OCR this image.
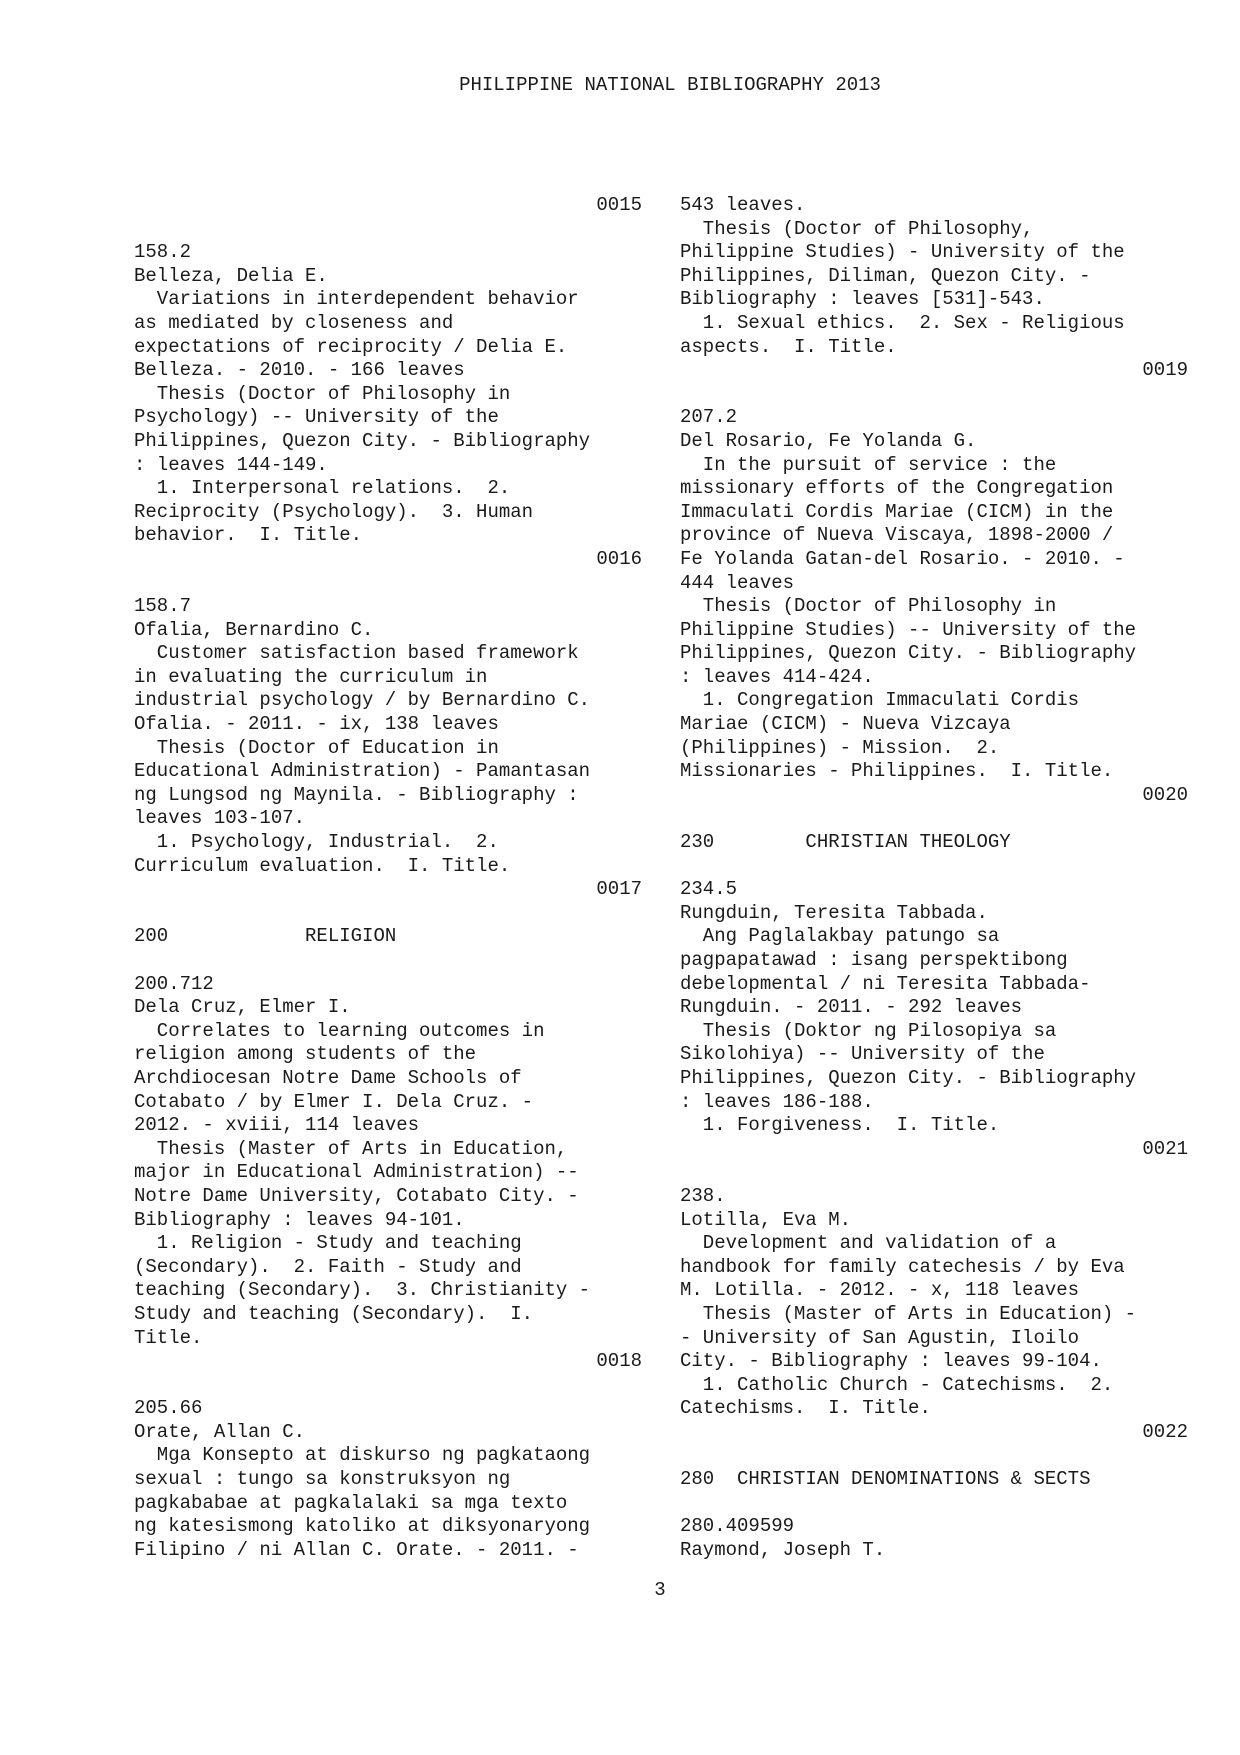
PHILIPPINE NATIONAL BIBLIOGRAPHY 2013
0015
158.2
Belleza, Delia E.
Variations in interdependent behavior
as mediated by closeness and
expectations of reciprocity / Delia E.
Belleza. - 2010. - 166 leaves
Thesis (Doctor of Philosophy in
Psychology) -- University of the
Philippines, Quezon City. - Bibliography
: leaves 144-149.
1. Interpersonal relations.  2.
Reciprocity (Psychology).  3. Human
behavior.  I. Title.
0016
158.7
Ofalia, Bernardino C.
Customer satisfaction based framework
in evaluating the curriculum in
industrial psychology / by Bernardino C.
Ofalia. - 2011. - ix, 138 leaves
Thesis (Doctor of Education in
Educational Administration) - Pamantasan
ng Lungsod ng Maynila. - Bibliography :
leaves 103-107.
1. Psychology, Industrial.  2.
Curriculum evaluation.  I. Title.
0017
200            RELIGION
200.712
Dela Cruz, Elmer I.
Correlates to learning outcomes in
religion among students of the
Archdiocesan Notre Dame Schools of
Cotabato / by Elmer I. Dela Cruz. -
2012. - xviii, 114 leaves
Thesis (Master of Arts in Education,
major in Educational Administration) --
Notre Dame University, Cotabato City. -
Bibliography : leaves 94-101.
1. Religion - Study and teaching
(Secondary).  2. Faith - Study and
teaching (Secondary).  3. Christianity -
Study and teaching (Secondary).  I.
Title.
0018
205.66
Orate, Allan C.
Mga Konsepto at diskurso ng pagkataong
sexual : tungo sa konstruksyon ng
pagkababae at pagkalalaki sa mga texto
ng katesismong katoliko at diksyonaryong
Filipino / ni Allan C. Orate. - 2011. -
543 leaves.
Thesis (Doctor of Philosophy,
Philippine Studies) - University of the
Philippines, Diliman, Quezon City. -
Bibliography : leaves [531]-543.
1. Sexual ethics.  2. Sex - Religious
aspects.  I. Title.
0019
207.2
Del Rosario, Fe Yolanda G.
In the pursuit of service : the
missionary efforts of the Congregation
Immaculati Cordis Mariae (CICM) in the
province of Nueva Viscaya, 1898-2000 /
Fe Yolanda Gatan-del Rosario. - 2010. -
444 leaves
Thesis (Doctor of Philosophy in
Philippine Studies) -- University of the
Philippines, Quezon City. - Bibliography
: leaves 414-424.
1. Congregation Immaculati Cordis
Mariae (CICM) - Nueva Vizcaya
(Philippines) - Mission.  2.
Missionaries - Philippines.  I. Title.
0020
230        CHRISTIAN THEOLOGY
234.5
Rungduin, Teresita Tabbada.
Ang Paglalakbay patungo sa
pagpapatawad : isang perspektibong
debelopmental / ni Teresita Tabbada-
Rungduin. - 2011. - 292 leaves
Thesis (Doktor ng Pilosopiya sa
Sikolohiya) -- University of the
Philippines, Quezon City. - Bibliography
: leaves 186-188.
1. Forgiveness.  I. Title.
0021
238.
Lotilla, Eva M.
Development and validation of a
handbook for family catechesis / by Eva
M. Lotilla. - 2012. - x, 118 leaves
Thesis (Master of Arts in Education) -
- University of San Agustin, Iloilo
City. - Bibliography : leaves 99-104.
1. Catholic Church - Catechisms.  2.
Catechisms.  I. Title.
0022
280  CHRISTIAN DENOMINATIONS & SECTS
280.409599
Raymond, Joseph T.
3
